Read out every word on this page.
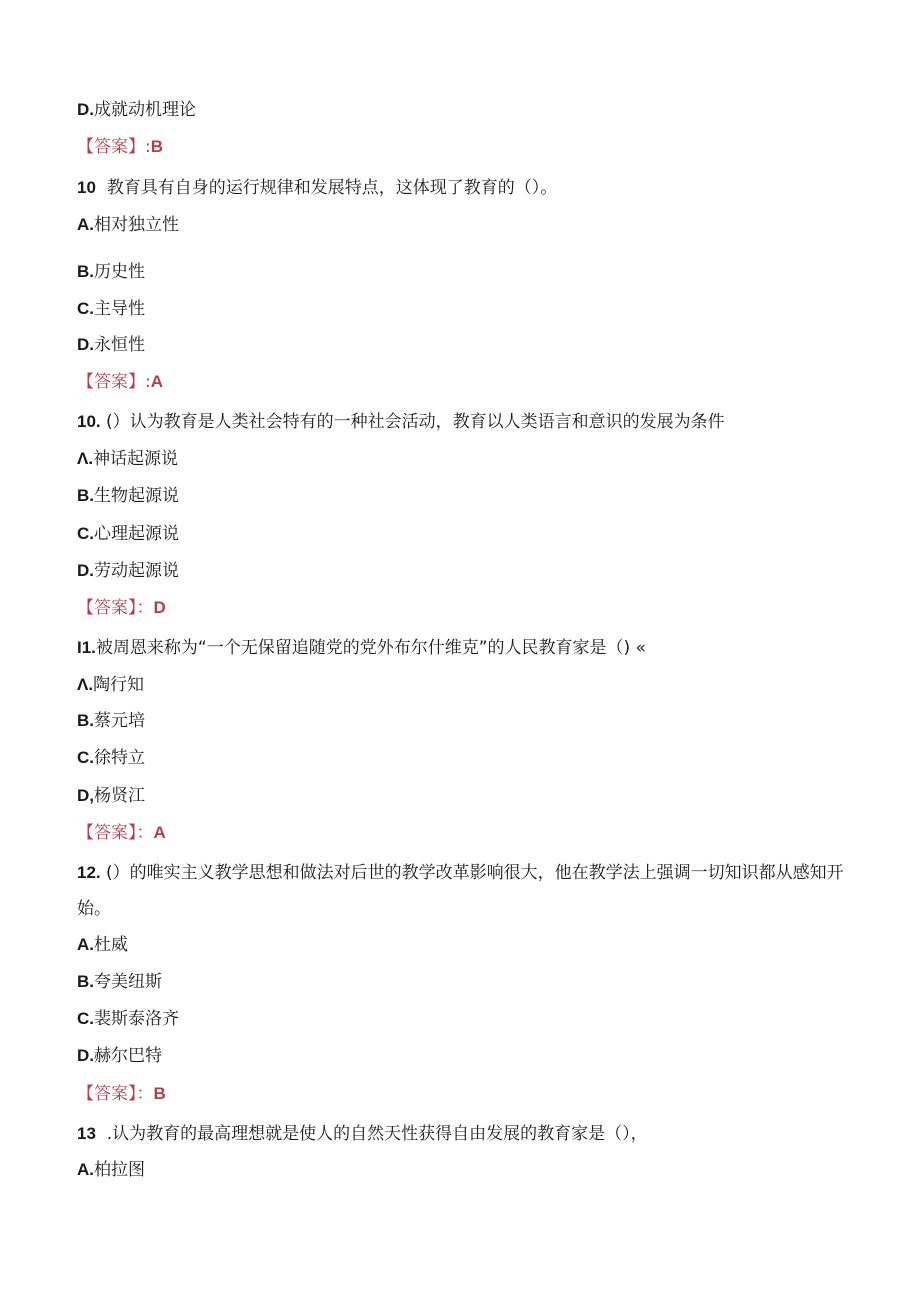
D.成就动机理论
【答案】:B
10 教育具有自身的运行规律和发展特点，这体现了教育的（）。
A.相对独立性
B.历史性
C.主导性
D.永恒性
【答案】:A
10. (）认为教育是人类社会特有的一种社会活动，教育以人类语言和意识的发展为条件
Λ.神话起源说
B.生物起源说
C.心理起源说
D.劳动起源说
【答案】：D
I1.被周恩来称为“一个无保留追随党的党外布尔什维克”的人民教育家是（) «
Λ.陶行知
B.蔡元培
C.徐特立
D,杨贤江
【答案】：A
12. (）的唯实主义教学思想和做法对后世的教学改革影响很大，他在教学法上强调一切知识都从感知开始。
A.杜威
B.夸美纽斯
C.裴斯泰洛齐
D.赫尔巴特
【答案】：B
13 .认为教育的最高理想就是使人的自然天性获得自由发展的教育家是（），
A.柏拉图
